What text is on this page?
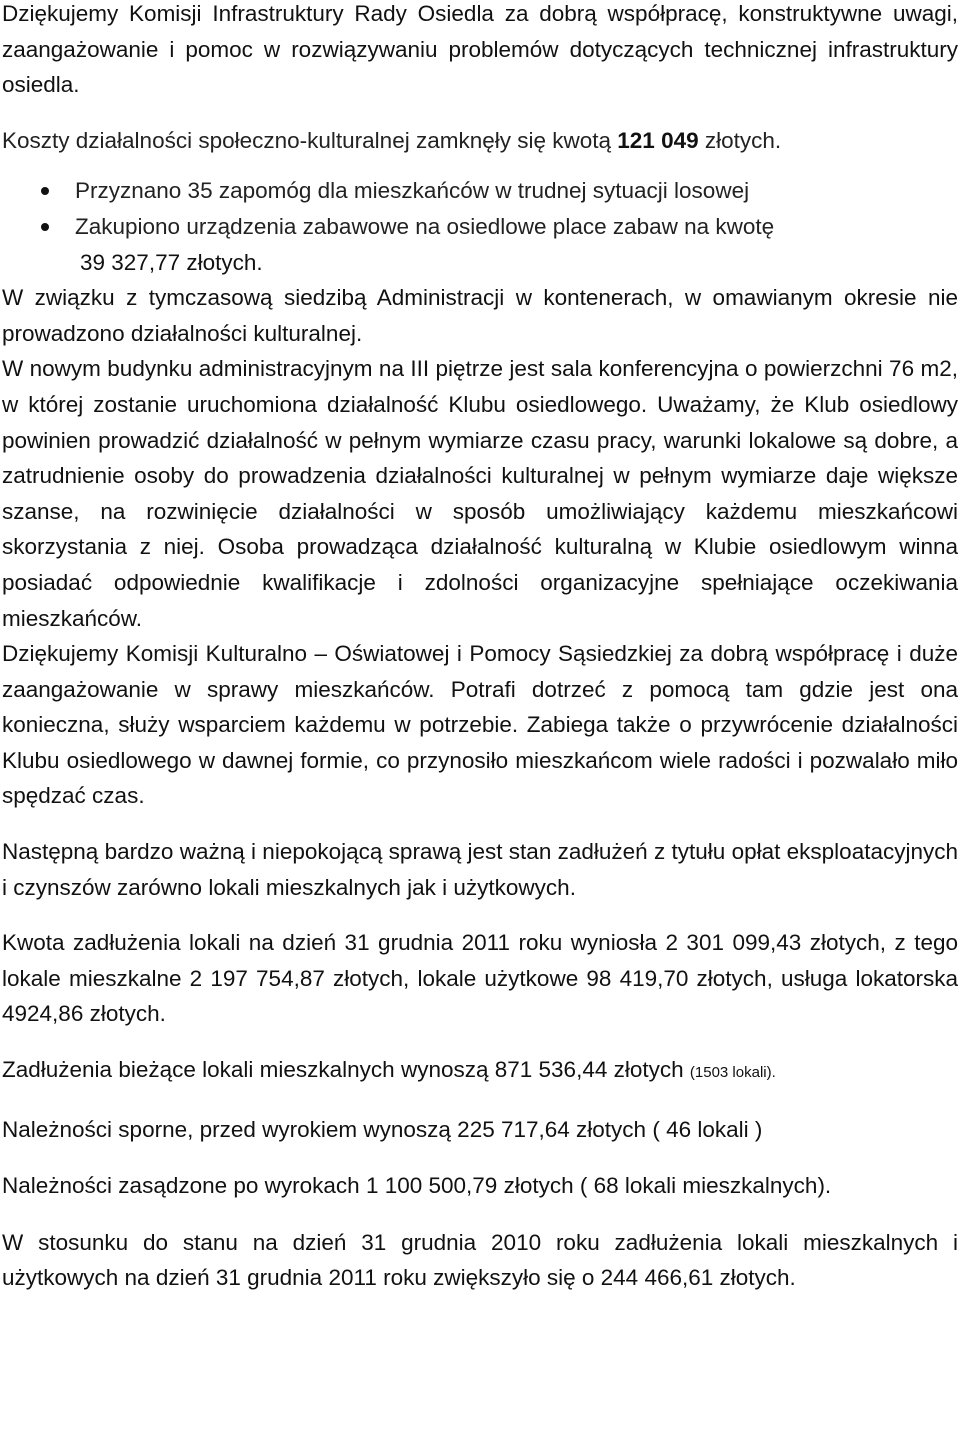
Dziękujemy Komisji Infrastruktury Rady Osiedla za dobrą współpracę, konstruktywne uwagi, zaangażowanie i pomoc w rozwiązywaniu problemów dotyczących technicznej infrastruktury osiedla.

Koszty działalności społeczno-kulturalnej zamknęły się kwotą 121 049 złotych.

Przyznano 35 zapomóg dla mieszkańców w trudnej sytuacji losowej
Zakupiono urządzenia zabawowe na osiedlowe place zabaw na kwotę
39 327,77 złotych.

W związku z tymczasową siedzibą Administracji w kontenerach, w omawianym okresie nie prowadzono działalności kulturalnej.

W nowym budynku administracyjnym na III piętrze jest sala konferencyjna o powierzchni 76 m2, w której zostanie uruchomiona działalność Klubu osiedlowego. Uważamy, że Klub osiedlowy powinien prowadzić działalność w pełnym wymiarze czasu pracy, warunki lokalowe są dobre, a zatrudnienie osoby do prowadzenia działalności kulturalnej w pełnym wymiarze daje większe szanse, na rozwinięcie działalności w sposób umożliwiający każdemu mieszkańcowi skorzystania z niej. Osoba prowadząca działalność kulturalną w Klubie osiedlowym winna posiadać odpowiednie kwalifikacje i zdolności organizacyjne spełniające oczekiwania mieszkańców.

Dziękujemy Komisji Kulturalno – Oświatowej i Pomocy Sąsiedzkiej za dobrą współpracę i duże zaangażowanie w sprawy mieszkańców. Potrafi dotrzeć z pomocą tam gdzie jest ona konieczna, służy wsparciem każdemu w potrzebie. Zabiega także o przywrócenie działalności Klubu osiedlowego w dawnej formie, co przynosiło mieszkańcom wiele radości i pozwalało miło spędzać czas.

Następną bardzo ważną i niepokojącą sprawą jest stan zadłużeń z tytułu opłat eksploatacyjnych i czynszów zarówno lokali mieszkalnych jak i użytkowych.

Kwota zadłużenia lokali na dzień 31 grudnia 2011 roku wyniosła 2 301 099,43 złotych, z tego lokale mieszkalne 2 197 754,87 złotych, lokale użytkowe 98 419,70 złotych, usługa lokatorska 4924,86 złotych.

Zadłużenia bieżące lokali mieszkalnych wynoszą 871 536,44 złotych (1503 lokali).

Należności sporne, przed wyrokiem wynoszą 225 717,64 złotych ( 46 lokali )

Należności zasądzone po wyrokach 1 100 500,79 złotych ( 68 lokali mieszkalnych).

W stosunku do stanu na dzień 31 grudnia 2010 roku zadłużenia lokali mieszkalnych i użytkowych na dzień 31 grudnia 2011 roku zwiększyło się o 244 466,61 złotych.
